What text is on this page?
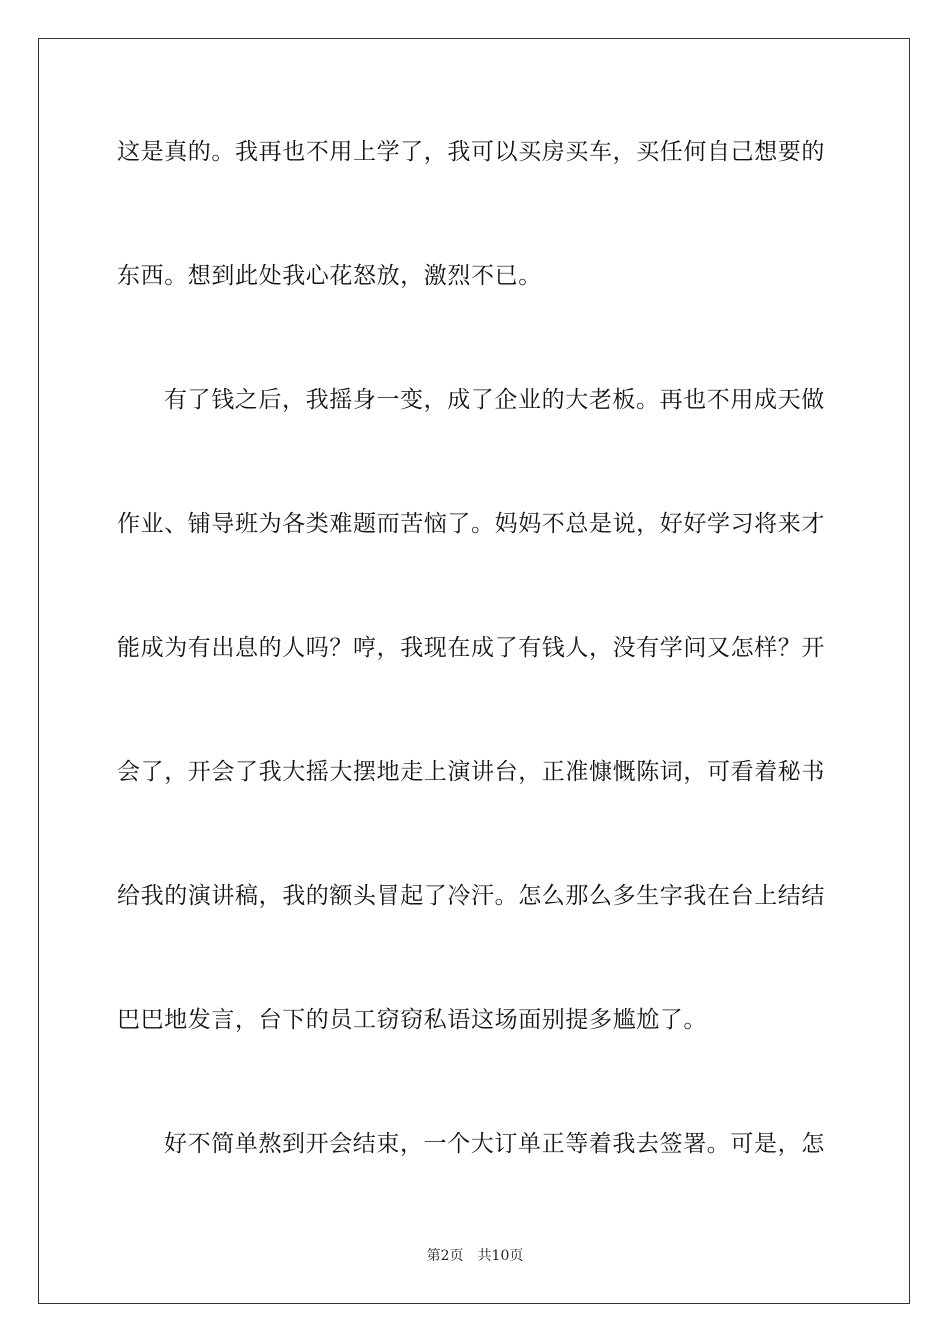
这是真的。我再也不用上学了，我可以买房买车，买任何自己想要的
东西。想到此处我心花怒放，激烈不已。
有了钱之后，我摇身一变，成了企业的大老板。再也不用成天做
作业、铺导班为各类难题而苦恼了。妈妈不总是说，好好学习将来才
能成为有出息的人吗？哼，我现在成了有钱人，没有学问又怎样？开
会了，开会了我大摇大摆地走上演讲台，正准慷慨陈词，可看着秘书
给我的演讲稿，我的额头冒起了冷汗。怎么那么多生字我在台上结结
巴巴地发言，台下的员工窃窃私语这场面别提多尴尬了。
好不简单熬到开会结束，一个大订单正等着我去签署。可是，怎
第2页 共10页
